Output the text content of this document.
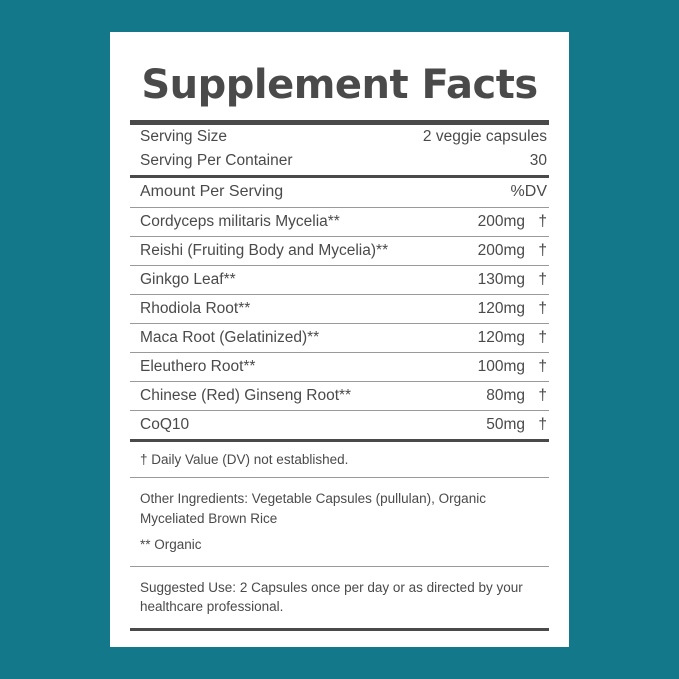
Supplement Facts
Serving Size	2 veggie capsules
Serving Per Container	30
Amount Per Serving	%DV
Cordyceps militaris Mycelia**	200mg †
Reishi (Fruiting Body and Mycelia)**	200mg †
Ginkgo Leaf**	130mg †
Rhodiola Root**	120mg †
Maca Root (Gelatinized)**	120mg †
Eleuthero Root**	100mg †
Chinese (Red) Ginseng Root**	80mg †
CoQ10	50mg †
† Daily Value (DV) not established.

Other Ingredients: Vegetable Capsules (pullulan), Organic Myceliated Brown Rice

** Organic

Suggested Use: 2 Capsules once per day or as directed by your healthcare professional.
